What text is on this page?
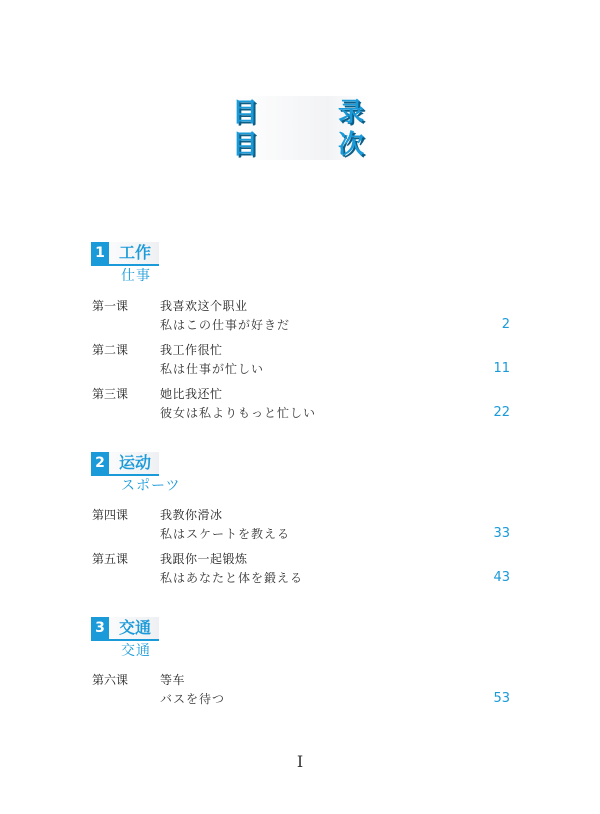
目	录
目	次
1 工作
仕事
第一课	我喜欢这个职业
私はこの仕事が好きだ	2
第二课	我工作很忙
私は仕事が忙しい	11
第三课	她比我还忙
彼女は私よりもっと忙しい	22
2 运动
スポーツ
第四课	我教你滑冰
私はスケートを教える	33
第五课	我跟你一起锻炼
私はあなたと体を鍛える	43
3 交通
交通
第六课	等车
バスを待つ	53
I
